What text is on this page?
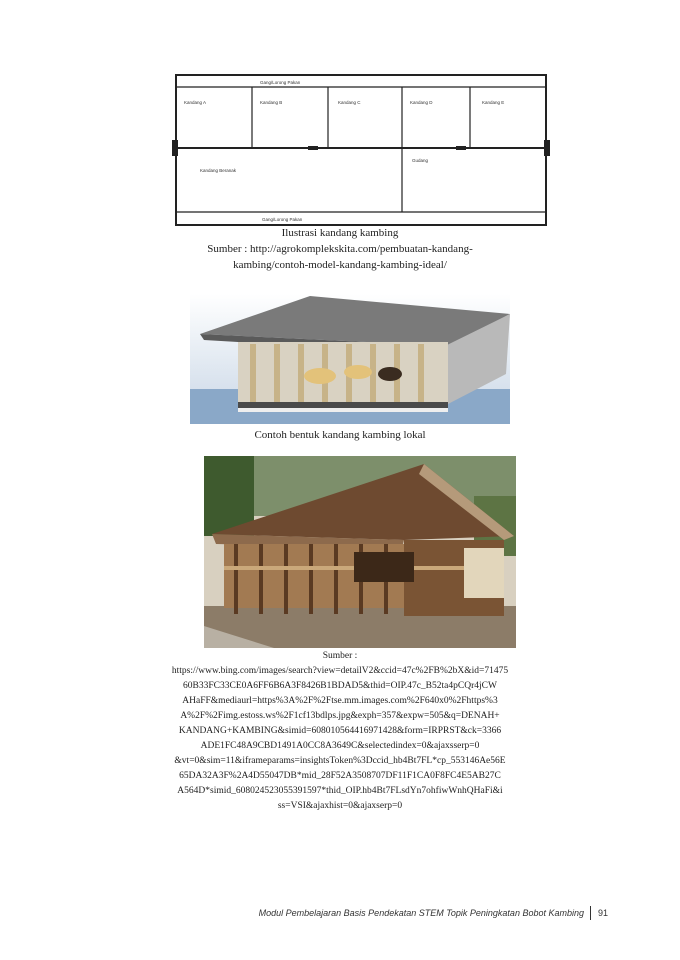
Gang/Lorong Pakan
Kandang A	Kandang B	Kandang C	Kandang D	Kandang E
Kandang Beranak
Gudang
Gang/Lorong Pakan
Ilustrasi kandang kambing
Sumber : http://agrokomplekskita.com/pembuatan-kandang-
kambing/contoh-model-kandang-kambing-ideal/
Contoh bentuk kandang kambing lokal
Sumber :
https://www.bing.com/images/search?view=detailV2&ccid=47c%2FB%2bX&id=71475
60B33FC33CE0A6FF6B6A3F8426B1BDAD5&thid=OIP.47c_B52ta4pCQr4jCW
AHaFF&mediaurl=https%3A%2F%2Ftse.mm.images.com%2F640x0%2Fhttps%3
A%2F%2Fimg.estoss.ws%2F1cf13bdlps.jpg&exph=357&expw=505&q=DENAH+
KANDANG+KAMBING&simid=608010564416971428&form=IRPRST&ck=3366
ADE1FC48A9CBD1491A0CC8A3649C&selectedindex=0&ajaxsserp=0
&vt=0&sim=11&iframeparams=insightsToken%3Dccid_hb4Bt7FL*cp_553146Ae56E
65DA32A3F%2A4D55047DB*mid_28F52A3508707DF11F1CA0F8FC4E5AB27C
A564D*simid_608024523055391597*thid_OIP.hb4Bt7FLsdYn7ohfiwWnhQHaFi&i
ss=VSI&ajaxhist=0&ajaxserp=0
Modul Pembelajaran Basis Pendekatan STEM Topik Peningkatan Bobot Kambing 91
